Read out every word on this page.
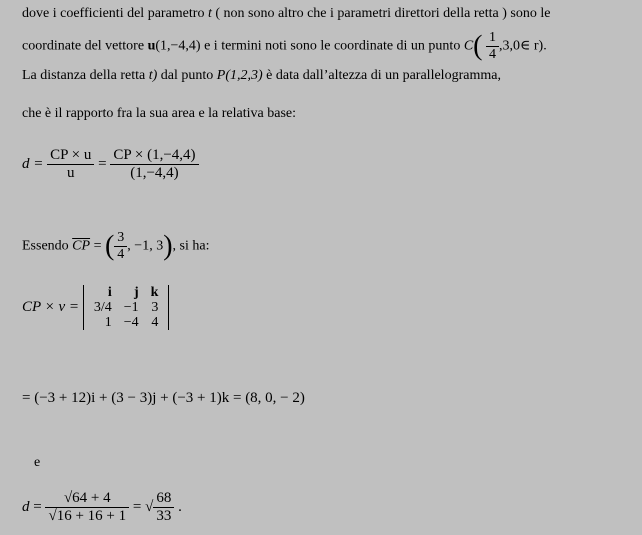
dove i coefficienti del parametro t ( non sono altro che i parametri direttori della retta ) sono le
coordinate del vettore u(1,−4,4) e i termini noti sono le coordinate di un punto $C( \frac{1}{4}$ ,3,0∈ r).
La distanza della retta t) dal punto P(1,2,3) è data dall’altezza di un parallelogramma,
che è il rapporto fra la sua area e la relativa base:
$d = \frac{CP \times u}{u} = \frac{CP \times (1,-4,4)}{(1,-4,4)}$
Essendo $\overline{CP}$ = ( $\frac{3}{4}$ , −1, 3), si ha:
CP × v =
i	j	k
3/4	−1	3
1	−4	4
= (−3 + 12)i + (3 − 3)j + (−3 + 1)k = (8, 0, − 2)
e
$d = \frac{√64 + 4}{√16 + 16 + 1}$ = √ $\frac{68}{33}$ .
